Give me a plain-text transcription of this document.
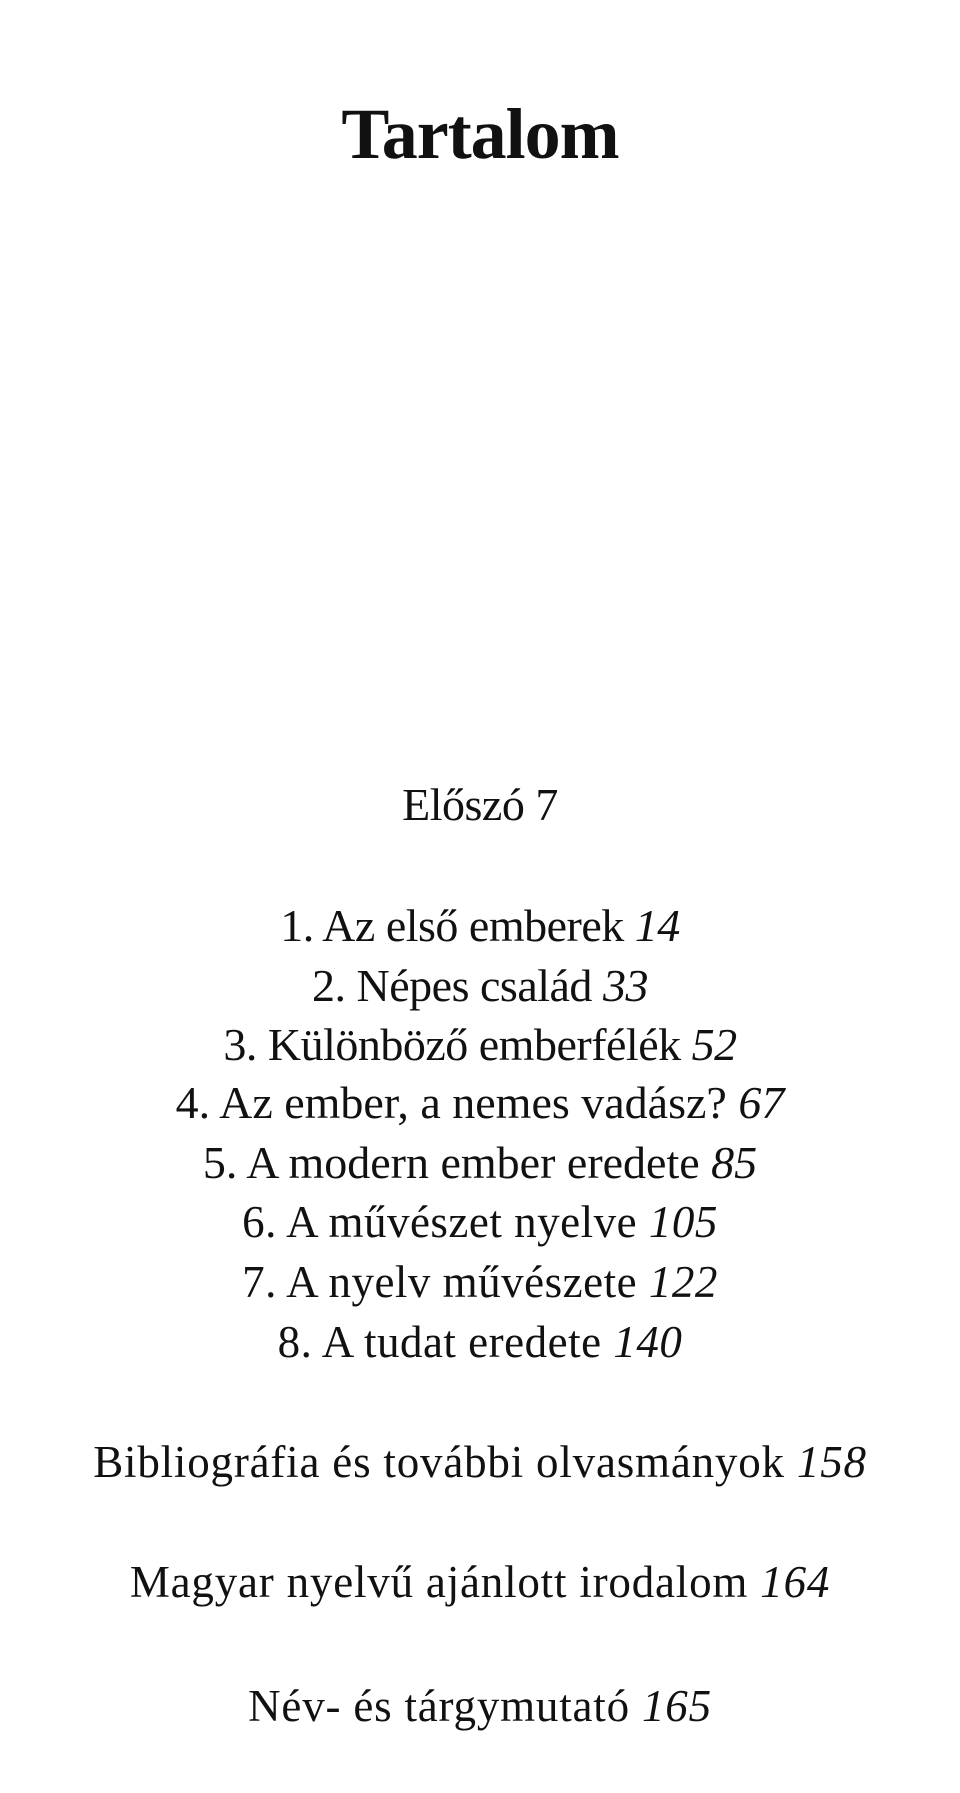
Tartalom
Előszó 7
1. Az első emberek 14
2. Népes család 33
3. Különböző emberfélék 52
4. Az ember, a nemes vadász? 67
5. A modern ember eredete 85
6. A művészet nyelve 105
7. A nyelv művészete 122
8. A tudat eredete 140
Bibliográfia és további olvasmányok 158
Magyar nyelvű ajánlott irodalom 164
Név- és tárgymutató 165
